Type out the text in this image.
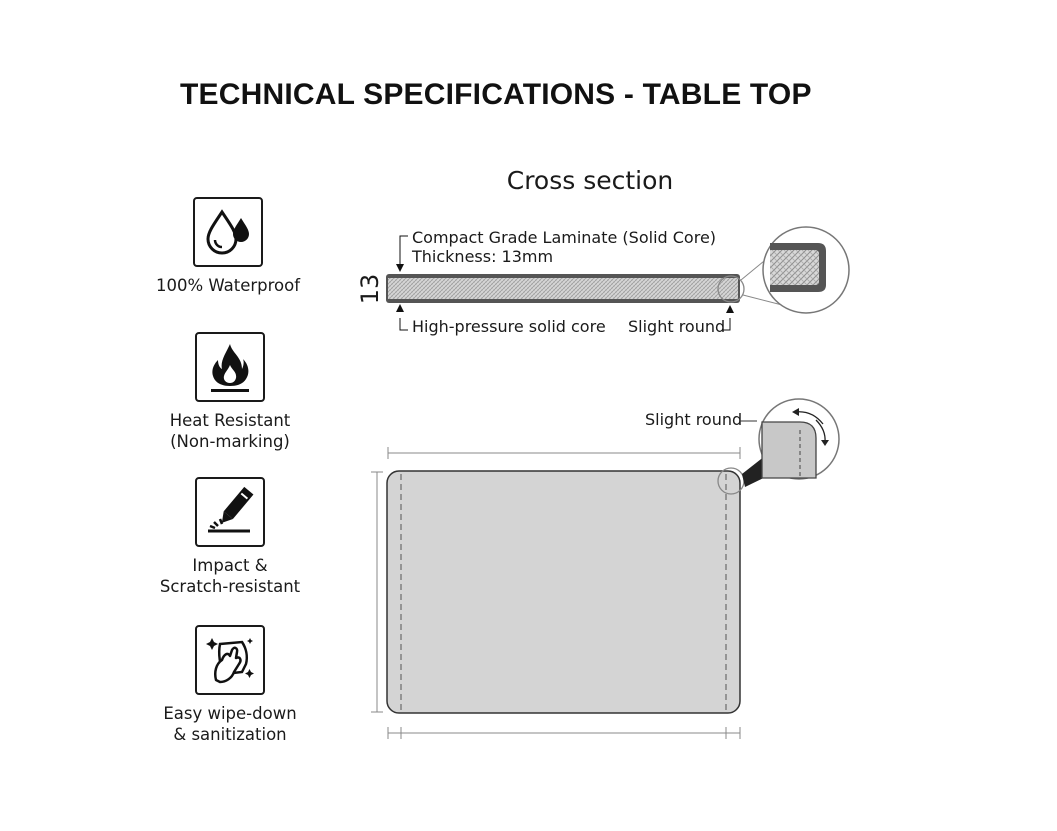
TECHNICAL SPECIFICATIONS - TABLE TOP
100% Waterproof
Heat Resistant
(Non-marking)
Impact &
Scratch-resistant
Easy wipe-down
& sanitization
Cross section
Compact Grade Laminate (Solid Core)
Thickness: 13mm
13
High-pressure solid core Slight round
Slight round
